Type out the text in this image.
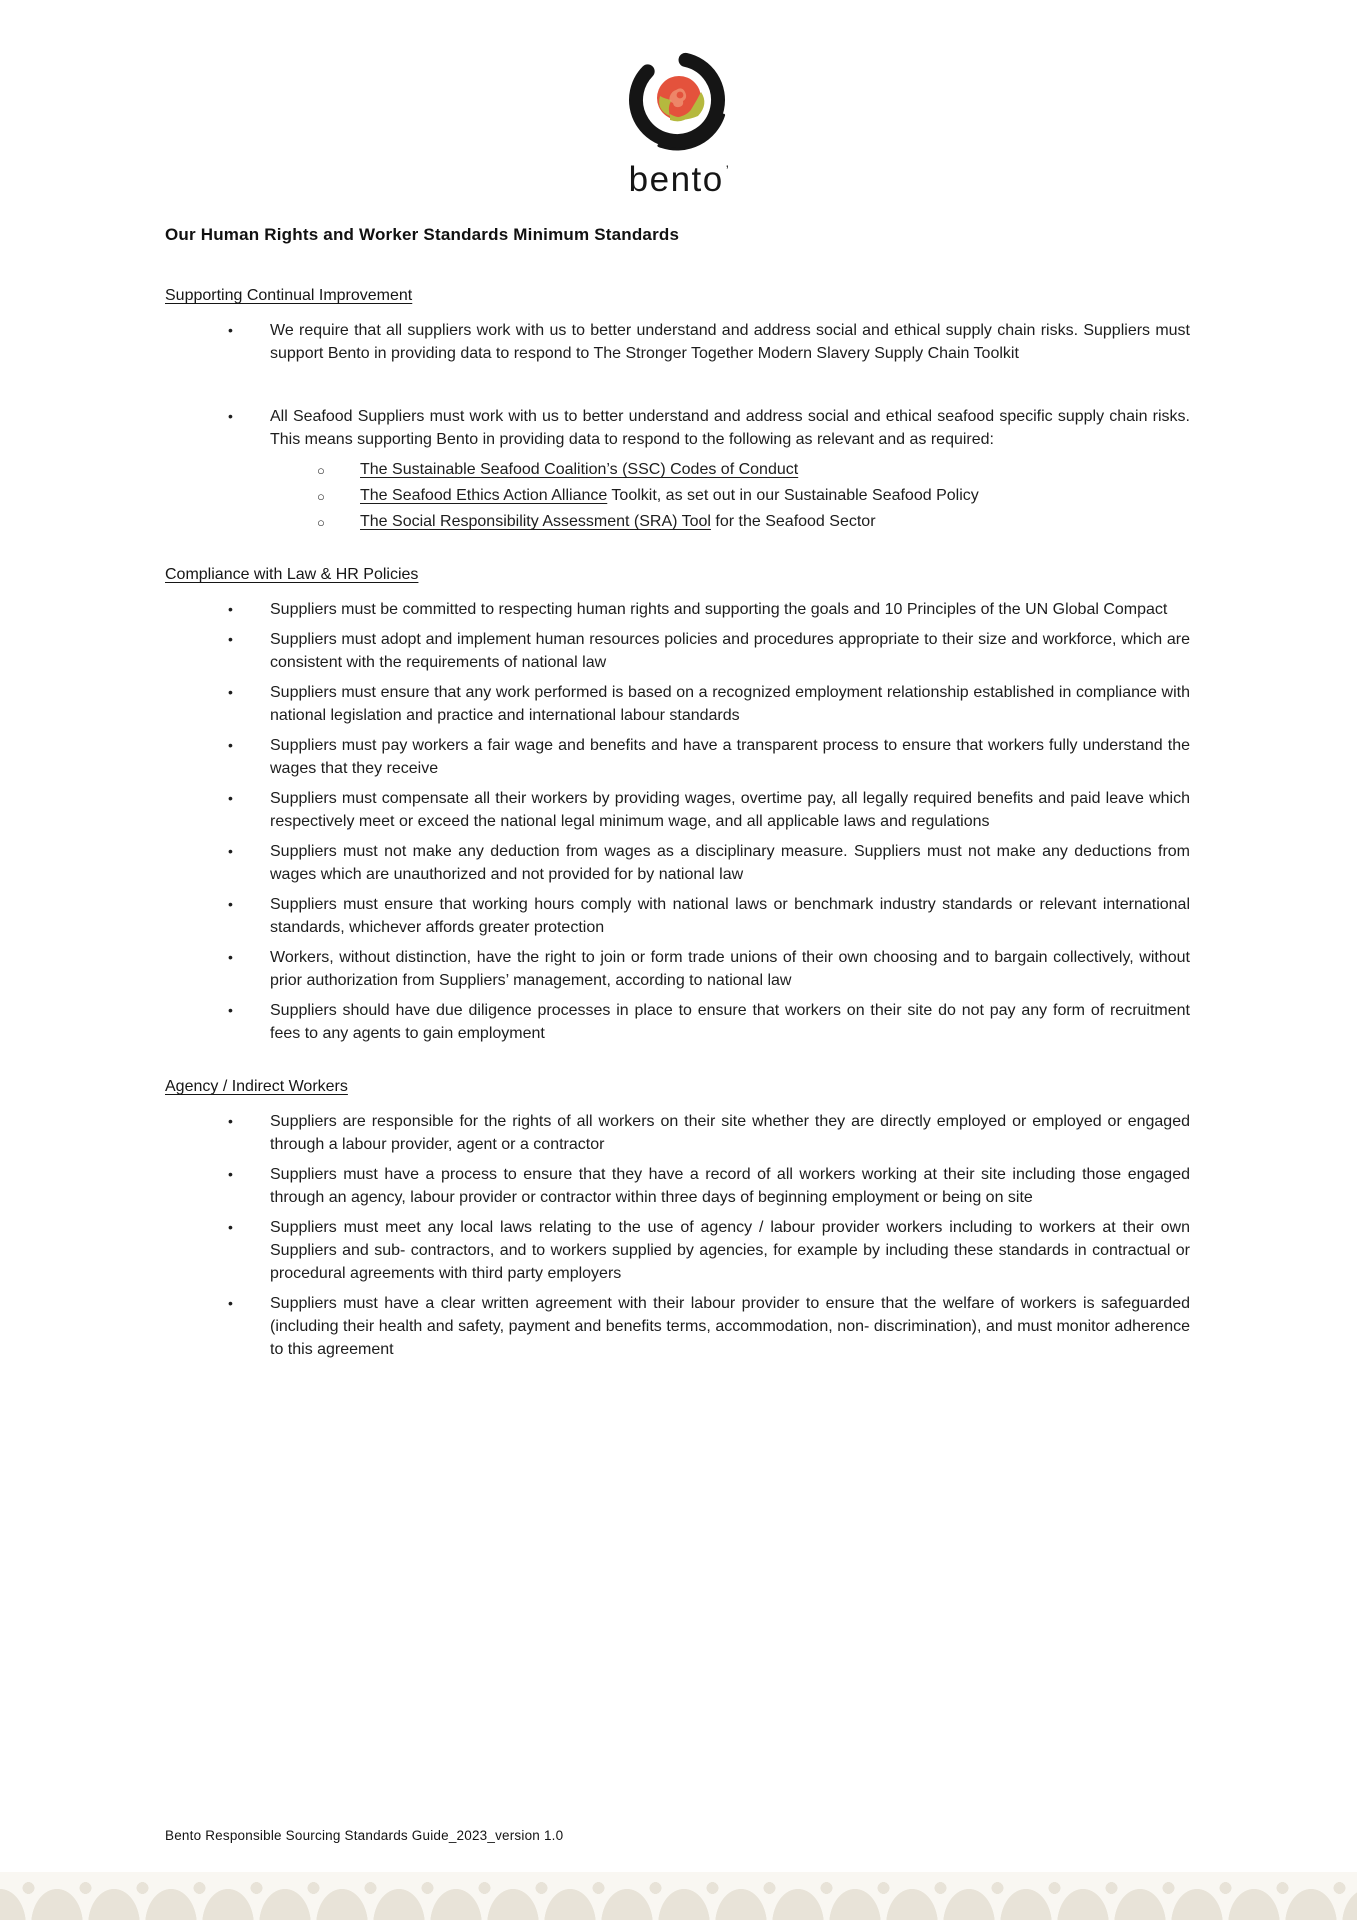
bento ’
Our Human Rights and Worker Standards Minimum Standards
Supporting Continual Improvement
•	We require that all suppliers work with us to better understand and address social and ethical supply chain risks. Suppliers must support Bento in providing data to respond to The Stronger Together Modern Slavery Supply Chain Toolkit

•	All Seafood Suppliers must work with us to better understand and address social and ethical seafood specific supply chain risks. This means supporting Bento in providing data to respond to the following as relevant and as required:

○	The Sustainable Seafood Coalition’s (SSC) Codes of Conduct

○	The Seafood Ethics Action Alliance Toolkit, as set out in our Sustainable Seafood Policy

○	The Social Responsibility Assessment (SRA) Tool for the Seafood Sector

Compliance with Law & HR Policies
•	Suppliers must be committed to respecting human rights and supporting the goals and 10 Principles of the UN Global Compact

•	Suppliers must adopt and implement human resources policies and procedures appropriate to their size and workforce, which are consistent with the requirements of national law

•	Suppliers must ensure that any work performed is based on a recognized employment relationship established in compliance with national legislation and practice and international labour standards

•	Suppliers must pay workers a fair wage and benefits and have a transparent process to ensure that workers fully understand the wages that they receive

•	Suppliers must compensate all their workers by providing wages, overtime pay, all legally required benefits and paid leave which respectively meet or exceed the national legal minimum wage, and all applicable laws and regulations

•	Suppliers must not make any deduction from wages as a disciplinary measure. Suppliers must not make any deductions from wages which are unauthorized and not provided for by national law

•	Suppliers must ensure that working hours comply with national laws or benchmark industry standards or relevant international standards, whichever affords greater protection

•	Workers, without distinction, have the right to join or form trade unions of their own choosing and to bargain collectively, without prior authorization from Suppliers’ management, according to national law

•	Suppliers should have due diligence processes in place to ensure that workers on their site do not pay any form of recruitment fees to any agents to gain employment

Agency / Indirect Workers
•	Suppliers are responsible for the rights of all workers on their site whether they are directly employed or employed or engaged through a labour provider, agent or a contractor

•	Suppliers must have a process to ensure that they have a record of all workers working at their site including those engaged through an agency, labour provider or contractor within three days of beginning employment or being on site

•	Suppliers must meet any local laws relating to the use of agency / labour provider workers including to workers at their own Suppliers and sub- contractors, and to workers supplied by agencies, for example by including these standards in contractual or procedural agreements with third party employers

•	Suppliers must have a clear written agreement with their labour provider to ensure that the welfare of workers is safeguarded (including their health and safety, payment and benefits terms, accommodation, non- discrimination), and must monitor adherence to this agreement

Bento Responsible Sourcing Standards Guide_2023_version 1.0
